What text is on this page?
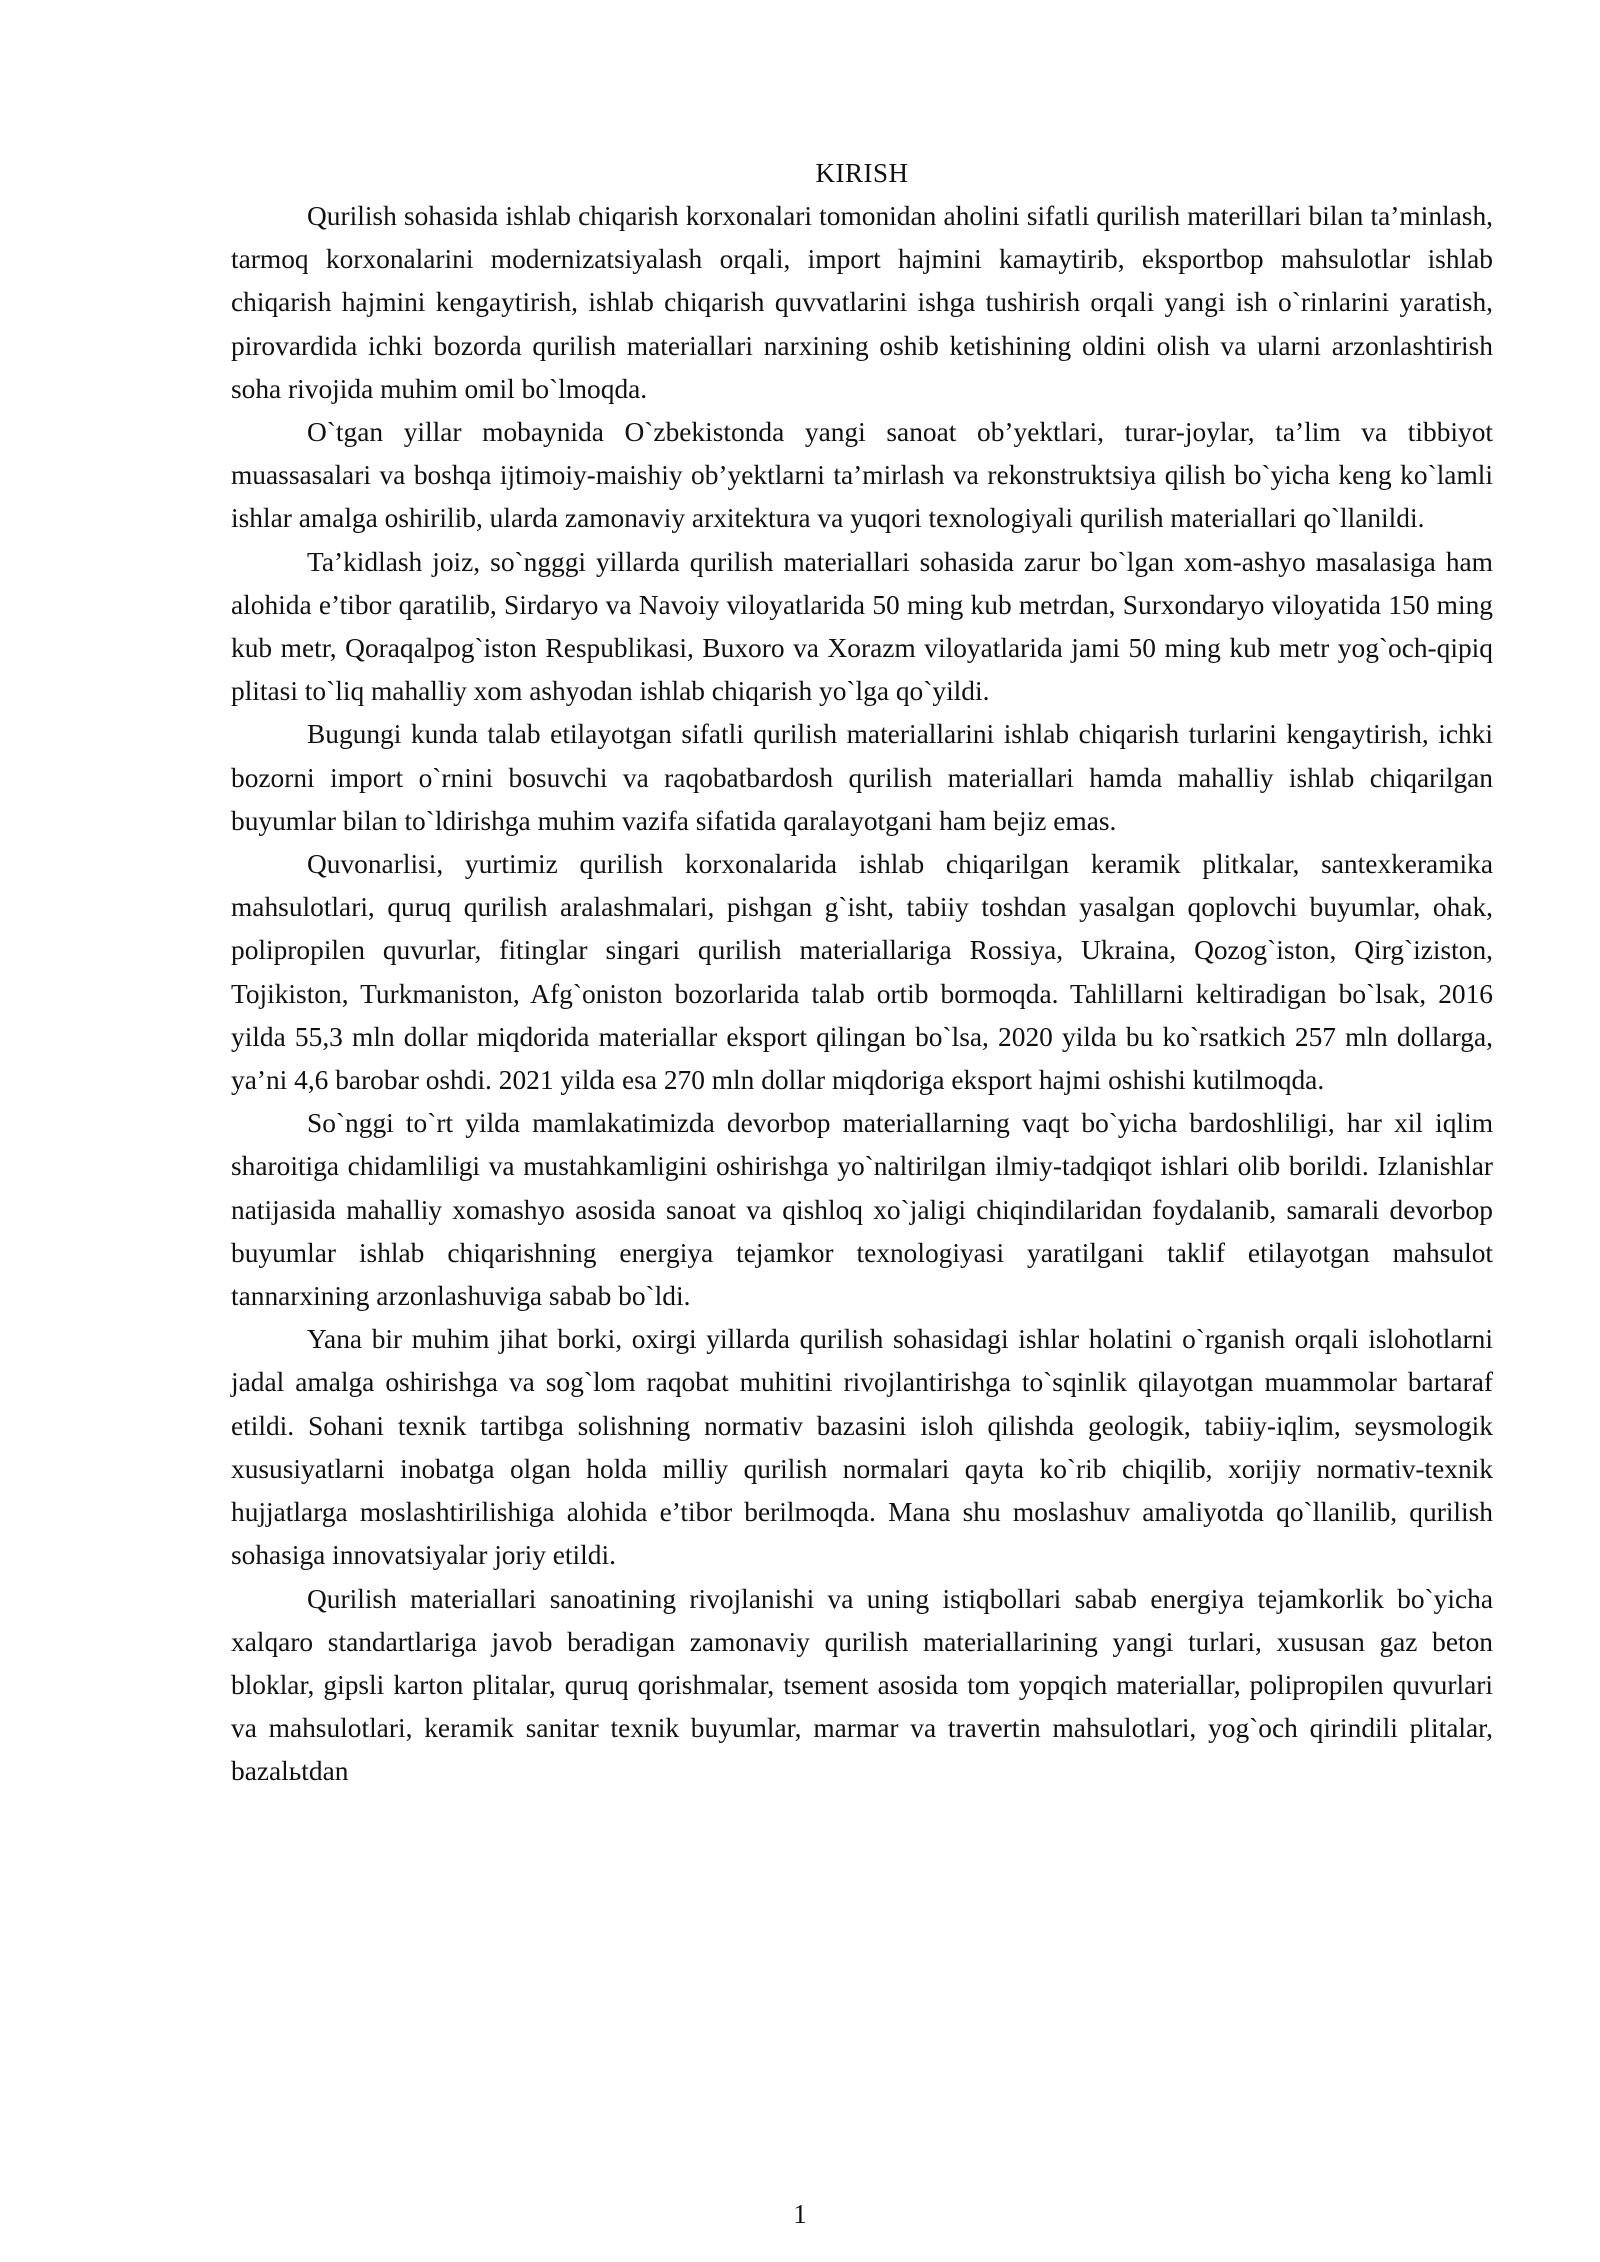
KIRISH

Qurilish sohasida ishlab chiqarish korxonalari tomonidan aholini sifatli qurilish materillari bilan ta’minlash, tarmoq korxonalarini modernizatsiyalash orqali, import hajmini kamaytirib, eksportbop mahsulotlar ishlab chiqarish hajmini kengaytirish, ishlab chiqarish quvvatlarini ishga tushirish orqali yangi ish o`rinlarini yaratish, pirovardida ichki bozorda qurilish materiallari narxining oshib ketishining oldini olish va ularni arzonlashtirish soha rivojida muhim omil bo`lmoqda.

O`tgan yillar mobaynida O`zbekistonda yangi sanoat ob’yektlari, turar-joylar, ta’lim va tibbiyot muassasalari va boshqa ijtimoiy-maishiy ob’yektlarni ta’mirlash va rekonstruktsiya qilish bo`yicha keng ko`lamli ishlar amalga oshirilib, ularda zamonaviy arxitektura va yuqori texnologiyali qurilish materiallari qo`llanildi.

Ta’kidlash joiz, so`ngggi yillarda qurilish materiallari sohasida zarur bo`lgan xom-ashyo masalasiga ham alohida e’tibor qaratilib, Sirdaryo va Navoiy viloyatlarida 50 ming kub metrdan, Surxondaryo viloyatida 150 ming kub metr, Qoraqalpog`iston Respublikasi, Buxoro va Xorazm viloyatlarida jami 50 ming kub metr yog`och-qipiq plitasi to`liq mahalliy xom ashyodan ishlab chiqarish yo`lga qo`yildi.

Bugungi kunda talab etilayotgan sifatli qurilish materiallarini ishlab chiqarish turlarini kengaytirish, ichki bozorni import o`rnini bosuvchi va raqobatbardosh qurilish materiallari hamda mahalliy ishlab chiqarilgan buyumlar bilan to`ldirishga muhim vazifa sifatida qaralayotgani ham bejiz emas.

Quvonarlisi, yurtimiz qurilish korxonalarida ishlab chiqarilgan keramik plitkalar, santexkeramika mahsulotlari, quruq qurilish aralashmalari, pishgan g`isht, tabiiy toshdan yasalgan qoplovchi buyumlar, ohak, polipropilen quvurlar, fitinglar singari qurilish materiallariga Rossiya, Ukraina, Qozog`iston, Qirg`iziston, Tojikiston, Turkmaniston, Afg`oniston bozorlarida talab ortib bormoqda. Tahlillarni keltiradigan bo`lsak, 2016 yilda 55,3 mln dollar miqdorida materiallar eksport qilingan bo`lsa, 2020 yilda bu ko`rsatkich 257 mln dollarga, ya’ni 4,6 barobar oshdi. 2021 yilda esa 270 mln dollar miqdoriga eksport hajmi oshishi kutilmoqda.

So`nggi to`rt yilda mamlakatimizda devorbop materiallarning vaqt bo`yicha bardoshliligi, har xil iqlim sharoitiga chidamliligi va mustahkamligini oshirishga yo`naltirilgan ilmiy-tadqiqot ishlari olib borildi. Izlanishlar natijasida mahalliy xomashyo asosida sanoat va qishloq xo`jaligi chiqindilaridan foydalanib, samarali devorbop buyumlar ishlab chiqarishning energiya tejamkor texnologiyasi yaratilgani taklif etilayotgan mahsulot tannarxining arzonlashuviga sabab bo`ldi.

Yana bir muhim jihat borki, oxirgi yillarda qurilish sohasidagi ishlar holatini o`rganish orqali islohotlarni jadal amalga oshirishga va sog`lom raqobat muhitini rivojlantirishga to`sqinlik qilayotgan muammolar bartaraf etildi. Sohani texnik tartibga solishning normativ bazasini isloh qilishda geologik, tabiiy-iqlim, seysmologik xususiyatlarni inobatga olgan holda milliy qurilish normalari qayta ko`rib chiqilib, xorijiy normativ-texnik hujjatlarga moslashtirilishiga alohida e’tibor berilmoqda. Mana shu moslashuv amaliyotda qo`llanilib, qurilish sohasiga innovatsiyalar joriy etildi.

Qurilish materiallari sanoatining rivojlanishi va uning istiqbollari sabab energiya tejamkorlik bo`yicha xalqaro standartlariga javob beradigan zamonaviy qurilish materiallarining yangi turlari, xususan gaz beton bloklar, gipsli karton plitalar, quruq qorishmalar, tsement asosida tom yopqich materiallar, polipropilen quvurlari va mahsulotlari, keramik sanitar texnik buyumlar, marmar va travertin mahsulotlari, yog`och qirindili plitalar, bazalьtdan

1
